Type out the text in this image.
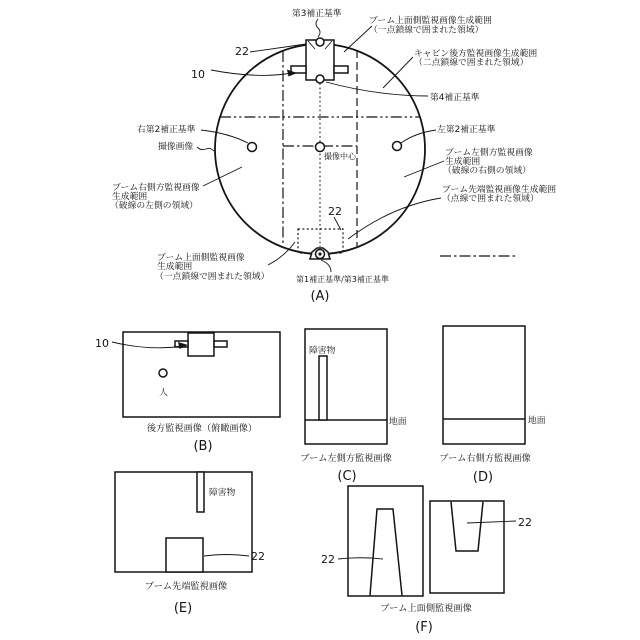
22
10
第3補正基準
ブーム上面側監視画像生成範囲
（一点鎖線で囲まれた領域）
キャビン後方監視画像生成範囲
（二点鎖線で囲まれた領域）
第4補正基準
右第2補正基準
撮像画像
ブーム右側方監視画像
生成範囲
（破線の左側の領域）
撮像中心
左第2補正基準
ブーム左側方監視画像
生成範囲
（破線の右側の領域）
ブーム先端監視画像生成範囲
（点線で囲まれた領域）
22
ブーム上面側監視画像
生成範囲
（一点鎖線で囲まれた領域）	第1補正基準/第3補正基準
(A)
10
人
後方監視画像（俯瞰画像）
(B)
障害物
地面
ブーム左側方監視画像
(C)
地面
ブーム右側方監視画像
(D)
障害物
22
ブーム先端監視画像
(E)
22
22
ブーム上面側監視画像
(F)
